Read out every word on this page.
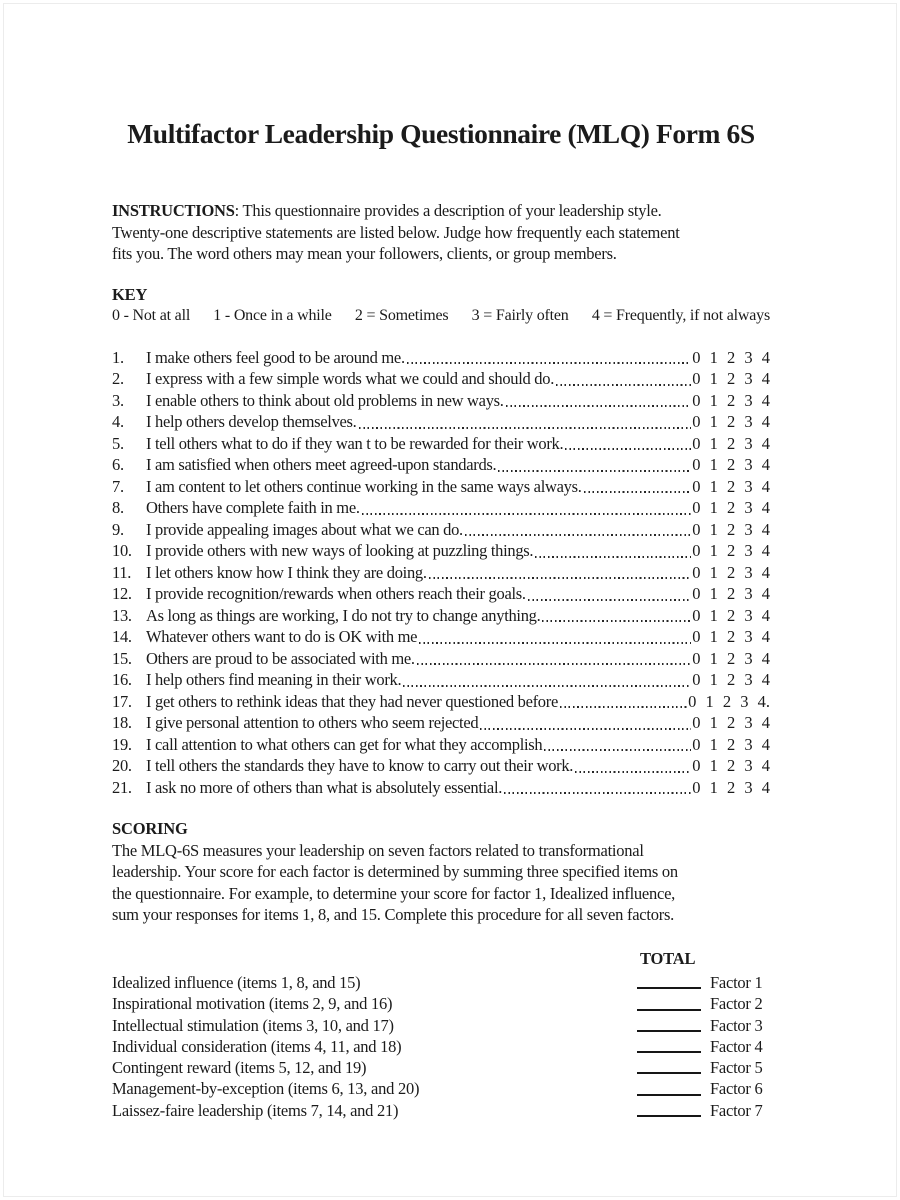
Multifactor Leadership Questionnaire (MLQ) Form 6S
INSTRUCTIONS: This questionnaire provides a description of your leadership style.
Twenty-one descriptive statements are listed below. Judge how frequently each statement
fits you. The word others may mean your followers, clients, or group members.
KEY
0 - Not at all 1 - Once in a while 2 = Sometimes 3 = Fairly often 4 = Frequently, if not always
1.	I make others feel good to be around me.	0 1 2 3 4
2.	I express with a few simple words what we could and should do.	0 1 2 3 4
3.	I enable others to think about old problems in new ways.	0 1 2 3 4
4.	I help others develop themselves.	0 1 2 3 4
5.	I tell others what to do if they wan t to be rewarded for their work.	0 1 2 3 4
6.	I am satisfied when others meet agreed-upon standards.	0 1 2 3 4
7.	I am content to let others continue working in the same ways always.	0 1 2 3 4
8.	Others have complete faith in me.	0 1 2 3 4
9.	I provide appealing images about what we can do.	0 1 2 3 4
10. I provide others with new ways of looking at puzzling things.	0 1 2 3 4
11. I let others know how I think they are doing.	0 1 2 3 4
12. I provide recognition/rewards when others reach their goals.	0 1 2 3 4
13. As long as things are working, I do not try to change anything.	0 1 2 3 4
14. Whatever others want to do is OK with me	0 1 2 3 4
15. Others are proud to be associated with me.	0 1 2 3 4
16. I help others find meaning in their work.	0 1 2 3 4
17. I get others to rethink ideas that they had never questioned before	0 1 2 3 4.
18. I give personal attention to others who seem rejected	0 1 2 3 4
19. I call attention to what others can get for what they accomplish	0 1 2 3 4
20. I tell others the standards they have to know to carry out their work.	0 1 2 3 4
21. I ask no more of others than what is absolutely essential.	0 1 2 3 4
SCORING
The MLQ-6S measures your leadership on seven factors related to transformational
leadership. Your score for each factor is determined by summing three specified items on
the questionnaire. For example, to determine your score for factor 1, Idealized influence,
sum your responses for items 1, 8, and 15. Complete this procedure for all seven factors.
TOTAL
Idealized influence (items 1, 8, and 15)	Factor 1
Inspirational motivation (items 2, 9, and 16)	Factor 2
Intellectual stimulation (items 3, 10, and 17)	Factor 3
Individual consideration (items 4, 11, and 18)	Factor 4
Contingent reward (items 5, 12, and 19)	Factor 5
Management-by-exception (items 6, 13, and 20)	Factor 6
Laissez-faire leadership (items 7, 14, and 21)	Factor 7
